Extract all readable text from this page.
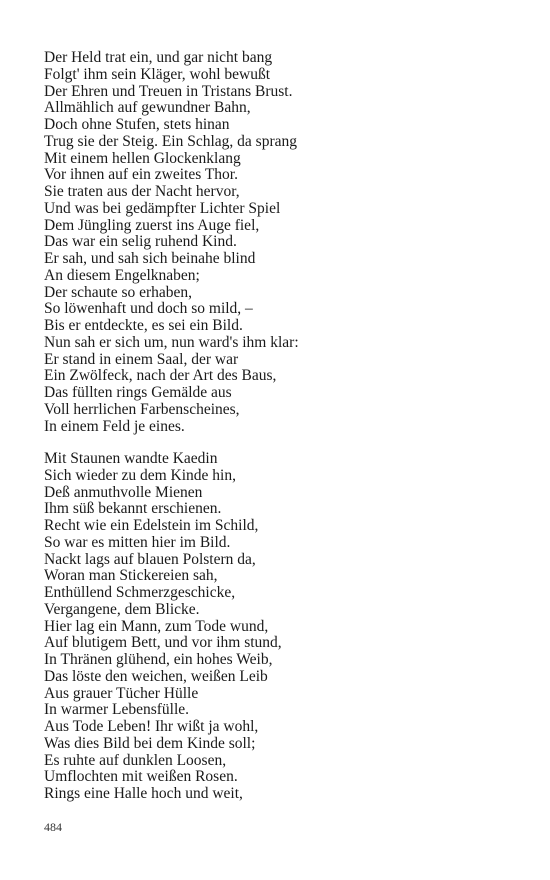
Der Held trat ein, und gar nicht bang
Folgt' ihm sein Kläger, wohl bewußt
Der Ehren und Treuen in Tristans Brust.
Allmählich auf gewundner Bahn,
Doch ohne Stufen, stets hinan
Trug sie der Steig. Ein Schlag, da sprang
Mit einem hellen Glockenklang
Vor ihnen auf ein zweites Thor.
Sie traten aus der Nacht hervor,
Und was bei gedämpfter Lichter Spiel
Dem Jüngling zuerst ins Auge fiel,
Das war ein selig ruhend Kind.
Er sah, und sah sich beinahe blind
An diesem Engelknaben;
Der schaute so erhaben,
So löwenhaft und doch so mild, –
Bis er entdeckte, es sei ein Bild.
Nun sah er sich um, nun ward's ihm klar:
Er stand in einem Saal, der war
Ein Zwölfeck, nach der Art des Baus,
Das füllten rings Gemälde aus
Voll herrlichen Farbenscheines,
In einem Feld je eines.
Mit Staunen wandte Kaedin
Sich wieder zu dem Kinde hin,
Deß anmuthvolle Mienen
Ihm süß bekannt erschienen.
Recht wie ein Edelstein im Schild,
So war es mitten hier im Bild.
Nackt lags auf blauen Polstern da,
Woran man Stickereien sah,
Enthüllend Schmerzgeschicke,
Vergangene, dem Blicke.
Hier lag ein Mann, zum Tode wund,
Auf blutigem Bett, und vor ihm stund,
In Thränen glühend, ein hohes Weib,
Das löste den weichen, weißen Leib
Aus grauer Tücher Hülle
In warmer Lebensfülle.
Aus Tode Leben! Ihr wißt ja wohl,
Was dies Bild bei dem Kinde soll;
Es ruhte auf dunklen Loosen,
Umflochten mit weißen Rosen.
Rings eine Halle hoch und weit,
484
